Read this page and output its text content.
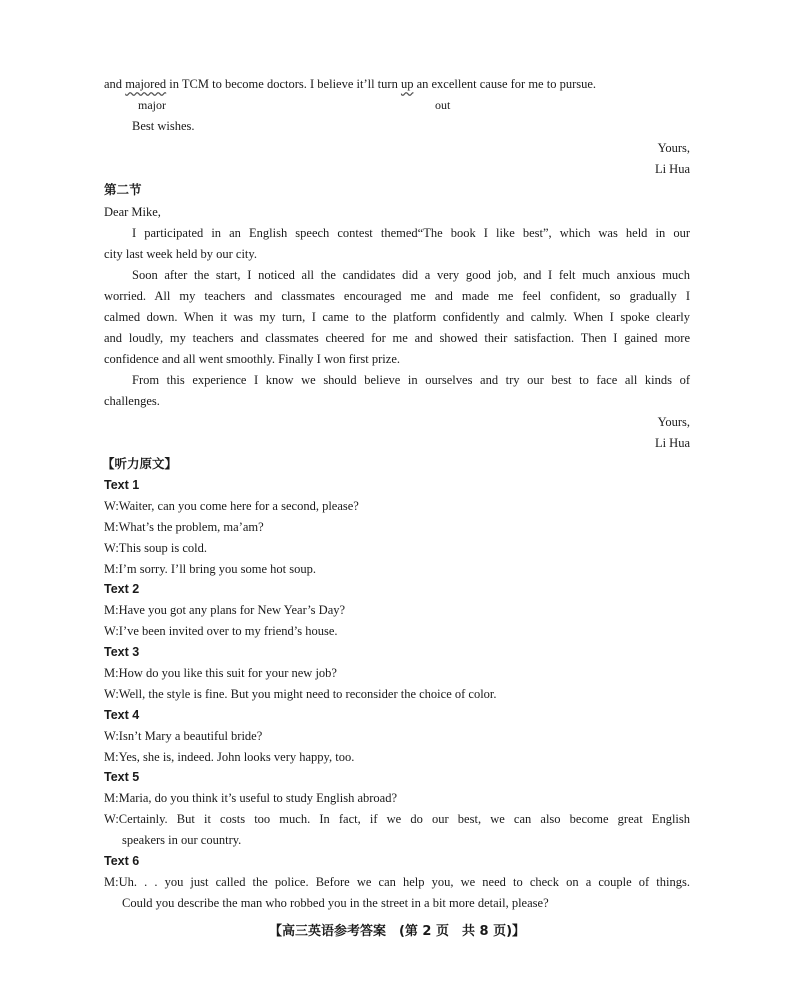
and majored in TCM to become doctors. I believe it’ll turn up an excellent cause for me to pursue.
major	out
Best wishes.
Yours,
Li Hua
第二节
Dear Mike,
I participated in an English speech contest themed“The book I like best”, which was held in our
city last week held by our city.
Soon after the start, I noticed all the candidates did a very good job, and I felt much anxious much
worried. All my teachers and classmates encouraged me and made me feel confident, so gradually I
calmed down. When it was my turn, I came to the platform confidently and calmly. When I spoke clearly
and loudly, my teachers and classmates cheered for me and showed their satisfaction. Then I gained more
confidence and all went smoothly. Finally I won first prize.
From this experience I know we should believe in ourselves and try our best to face all kinds of
challenges.
Yours,
Li Hua
【听力原文】
Text 1
W:Waiter, can you come here for a second, please?
M:What’s the problem, ma’am?
W:This soup is cold.
M:I’m sorry. I’ll bring you some hot soup.
Text 2
M:Have you got any plans for New Year’s Day?
W:I’ve been invited over to my friend’s house.
Text 3
M:How do you like this suit for your new job?
W:Well, the style is fine. But you might need to reconsider the choice of color.
Text 4
W:Isn’t Mary a beautiful bride?
M:Yes, she is, indeed. John looks very happy, too.
Text 5
M:Maria, do you think it’s useful to study English abroad?
W:Certainly. But it costs too much. In fact, if we do our best, we can also become great English
speakers in our country.
Text 6
M:Uh. . . you just called the police. Before we can help you, we need to check on a couple of things.
Could you describe the man who robbed you in the street in a bit more detail, please?
【高三英语参考答案　(第 2 页　共 8 页)】
